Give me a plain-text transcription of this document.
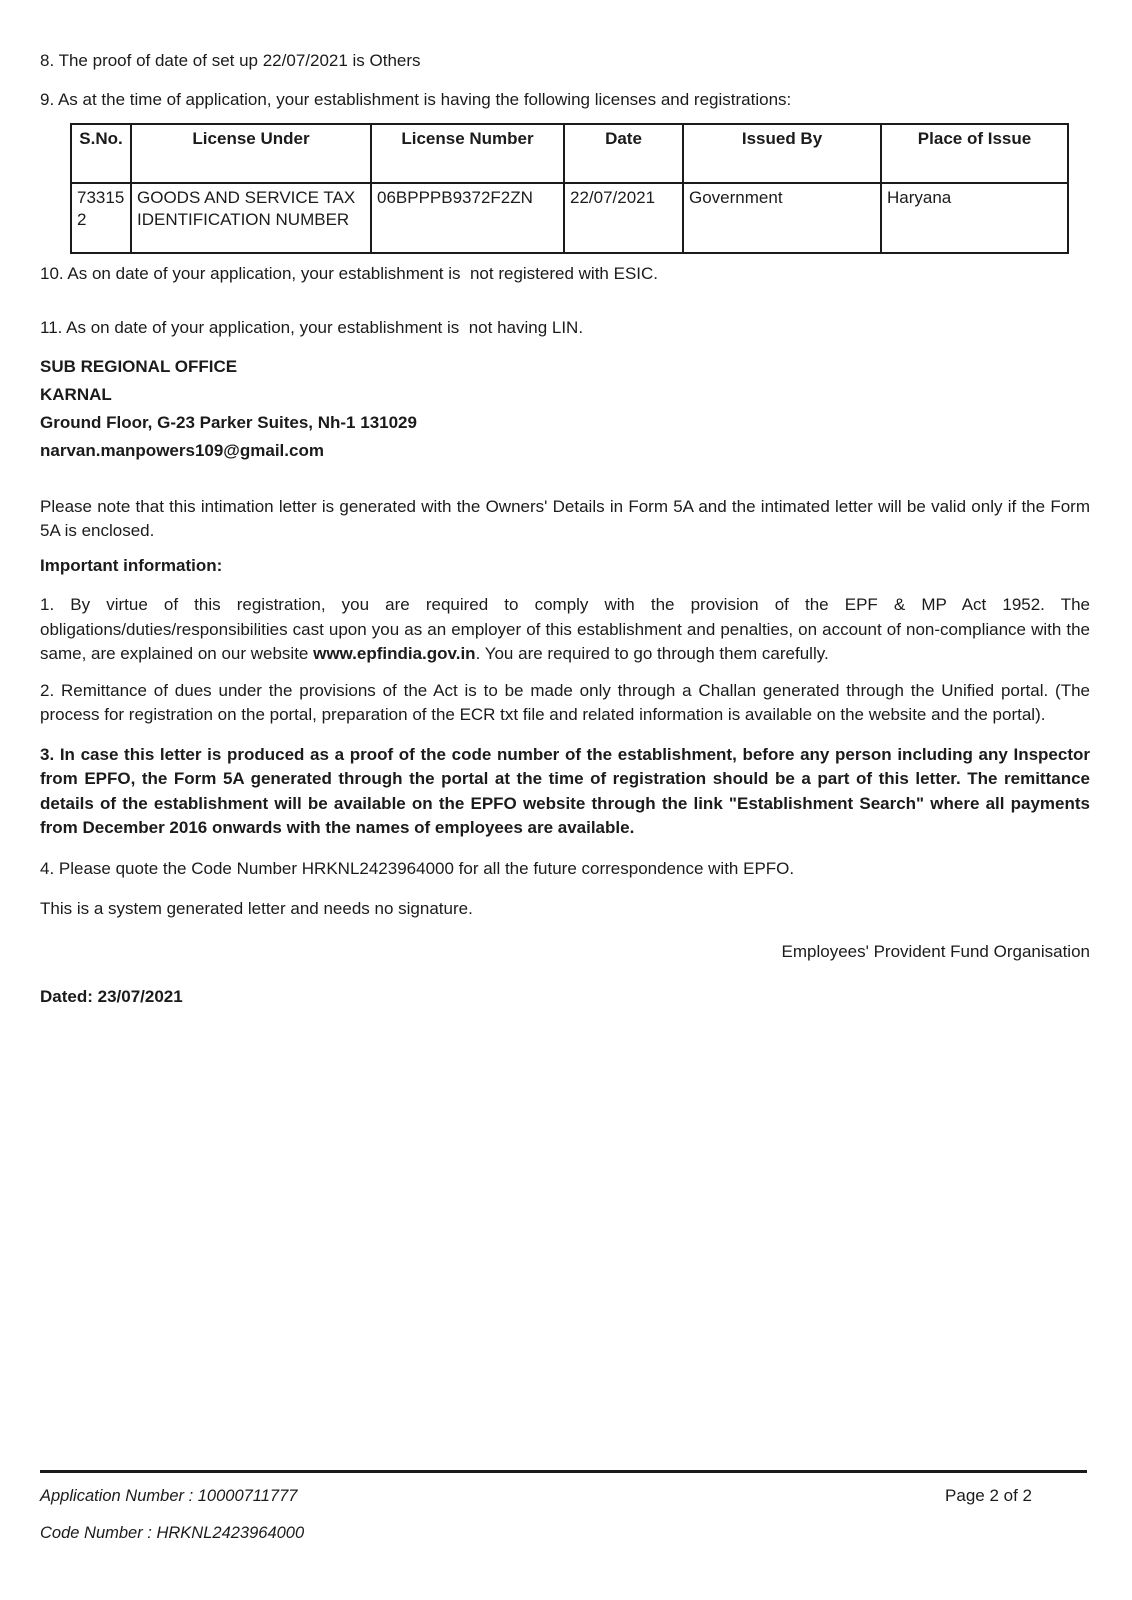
8. The proof of date of set up 22/07/2021 is Others

9. As at the time of application, your establishment is having the following licenses and registrations:

S.No.	License Under	License Number	Date	Issued By	Place of Issue
733152	GOODS AND SERVICE TAX IDENTIFICATION NUMBER	06BPPPB9372F2ZN	22/07/2021	Government	Haryana

10. As on date of your application, your establishment is  not registered with ESIC.

11. As on date of your application, your establishment is  not having LIN.

SUB REGIONAL OFFICE

KARNAL

Ground Floor, G-23 Parker Suites, Nh-1 131029

narvan.manpowers109@gmail.com

Please note that this intimation letter is generated with the Owners' Details in Form 5A and the intimated letter will be valid only if the Form 5A is enclosed.

Important information:

1. By virtue of this registration, you are required to comply with the provision of the EPF & MP Act 1952. The obligations/duties/responsibilities cast upon you as an employer of this establishment and penalties, on account of non-compliance with the same, are explained on our website www.epfindia.gov.in. You are required to go through them carefully.

2. Remittance of dues under the provisions of the Act is to be made only through a Challan generated through the Unified portal. (The process for registration on the portal, preparation of the ECR txt file and related information is available on the website and the portal).

3. In case this letter is produced as a proof of the code number of the establishment, before any person including any Inspector from EPFO, the Form 5A generated through the portal at the time of registration should be a part of this letter. The remittance details of the establishment will be available on the EPFO website through the link "Establishment Search" where all payments from December 2016 onwards with the names of employees are available.

4. Please quote the Code Number HRKNL2423964000 for all the future correspondence with EPFO.

This is a system generated letter and needs no signature.

Employees' Provident Fund Organisation

Dated: 23/07/2021

Application Number : 10000711777	Page 2 of 2
Code Number : HRKNL2423964000
